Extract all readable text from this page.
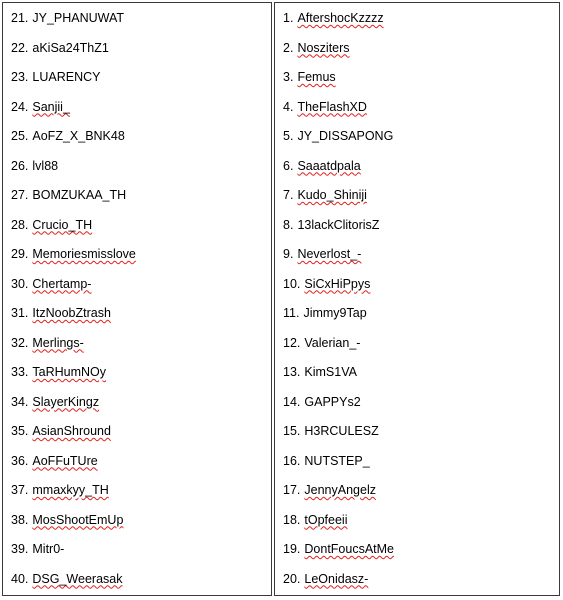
21. JY_PHANUWAT
22. aKiSa24ThZ1
23. LUARENCY
24. Sanjii_
25. AoFZ_X_BNK48
26. lvl88
27. BOMZUKAA_TH
28. Crucio_TH
29. Memoriesmisslove
30. Chertamp-
31. ItzNoobZtrash
32. Merlings-
33. TaRHumNOy
34. SlayerKingz
35. AsianShround
36. AoFFuTUre
37. mmaxkyy_TH
38. MosShootEmUp
39. Mitr0-
40. DSG_Weerasak
1. AftershocKzzzz
2. Nosziters
3. Femus
4. TheFlashXD
5. JY_DISSAPONG
6. Saaatdpala
7. Kudo_Shiniji
8. 13lackClitorisZ
9. Neverlost_-
10. SiCxHiPpys
11. Jimmy9Tap
12. Valerian_-
13. KimS1VA
14. GAPPYs2
15. H3RCULESZ
16. NUTSTEP_
17. JennyAngelz
18. tOpfeeii
19. DontFoucsAtMe
20. LeOnidasz-
